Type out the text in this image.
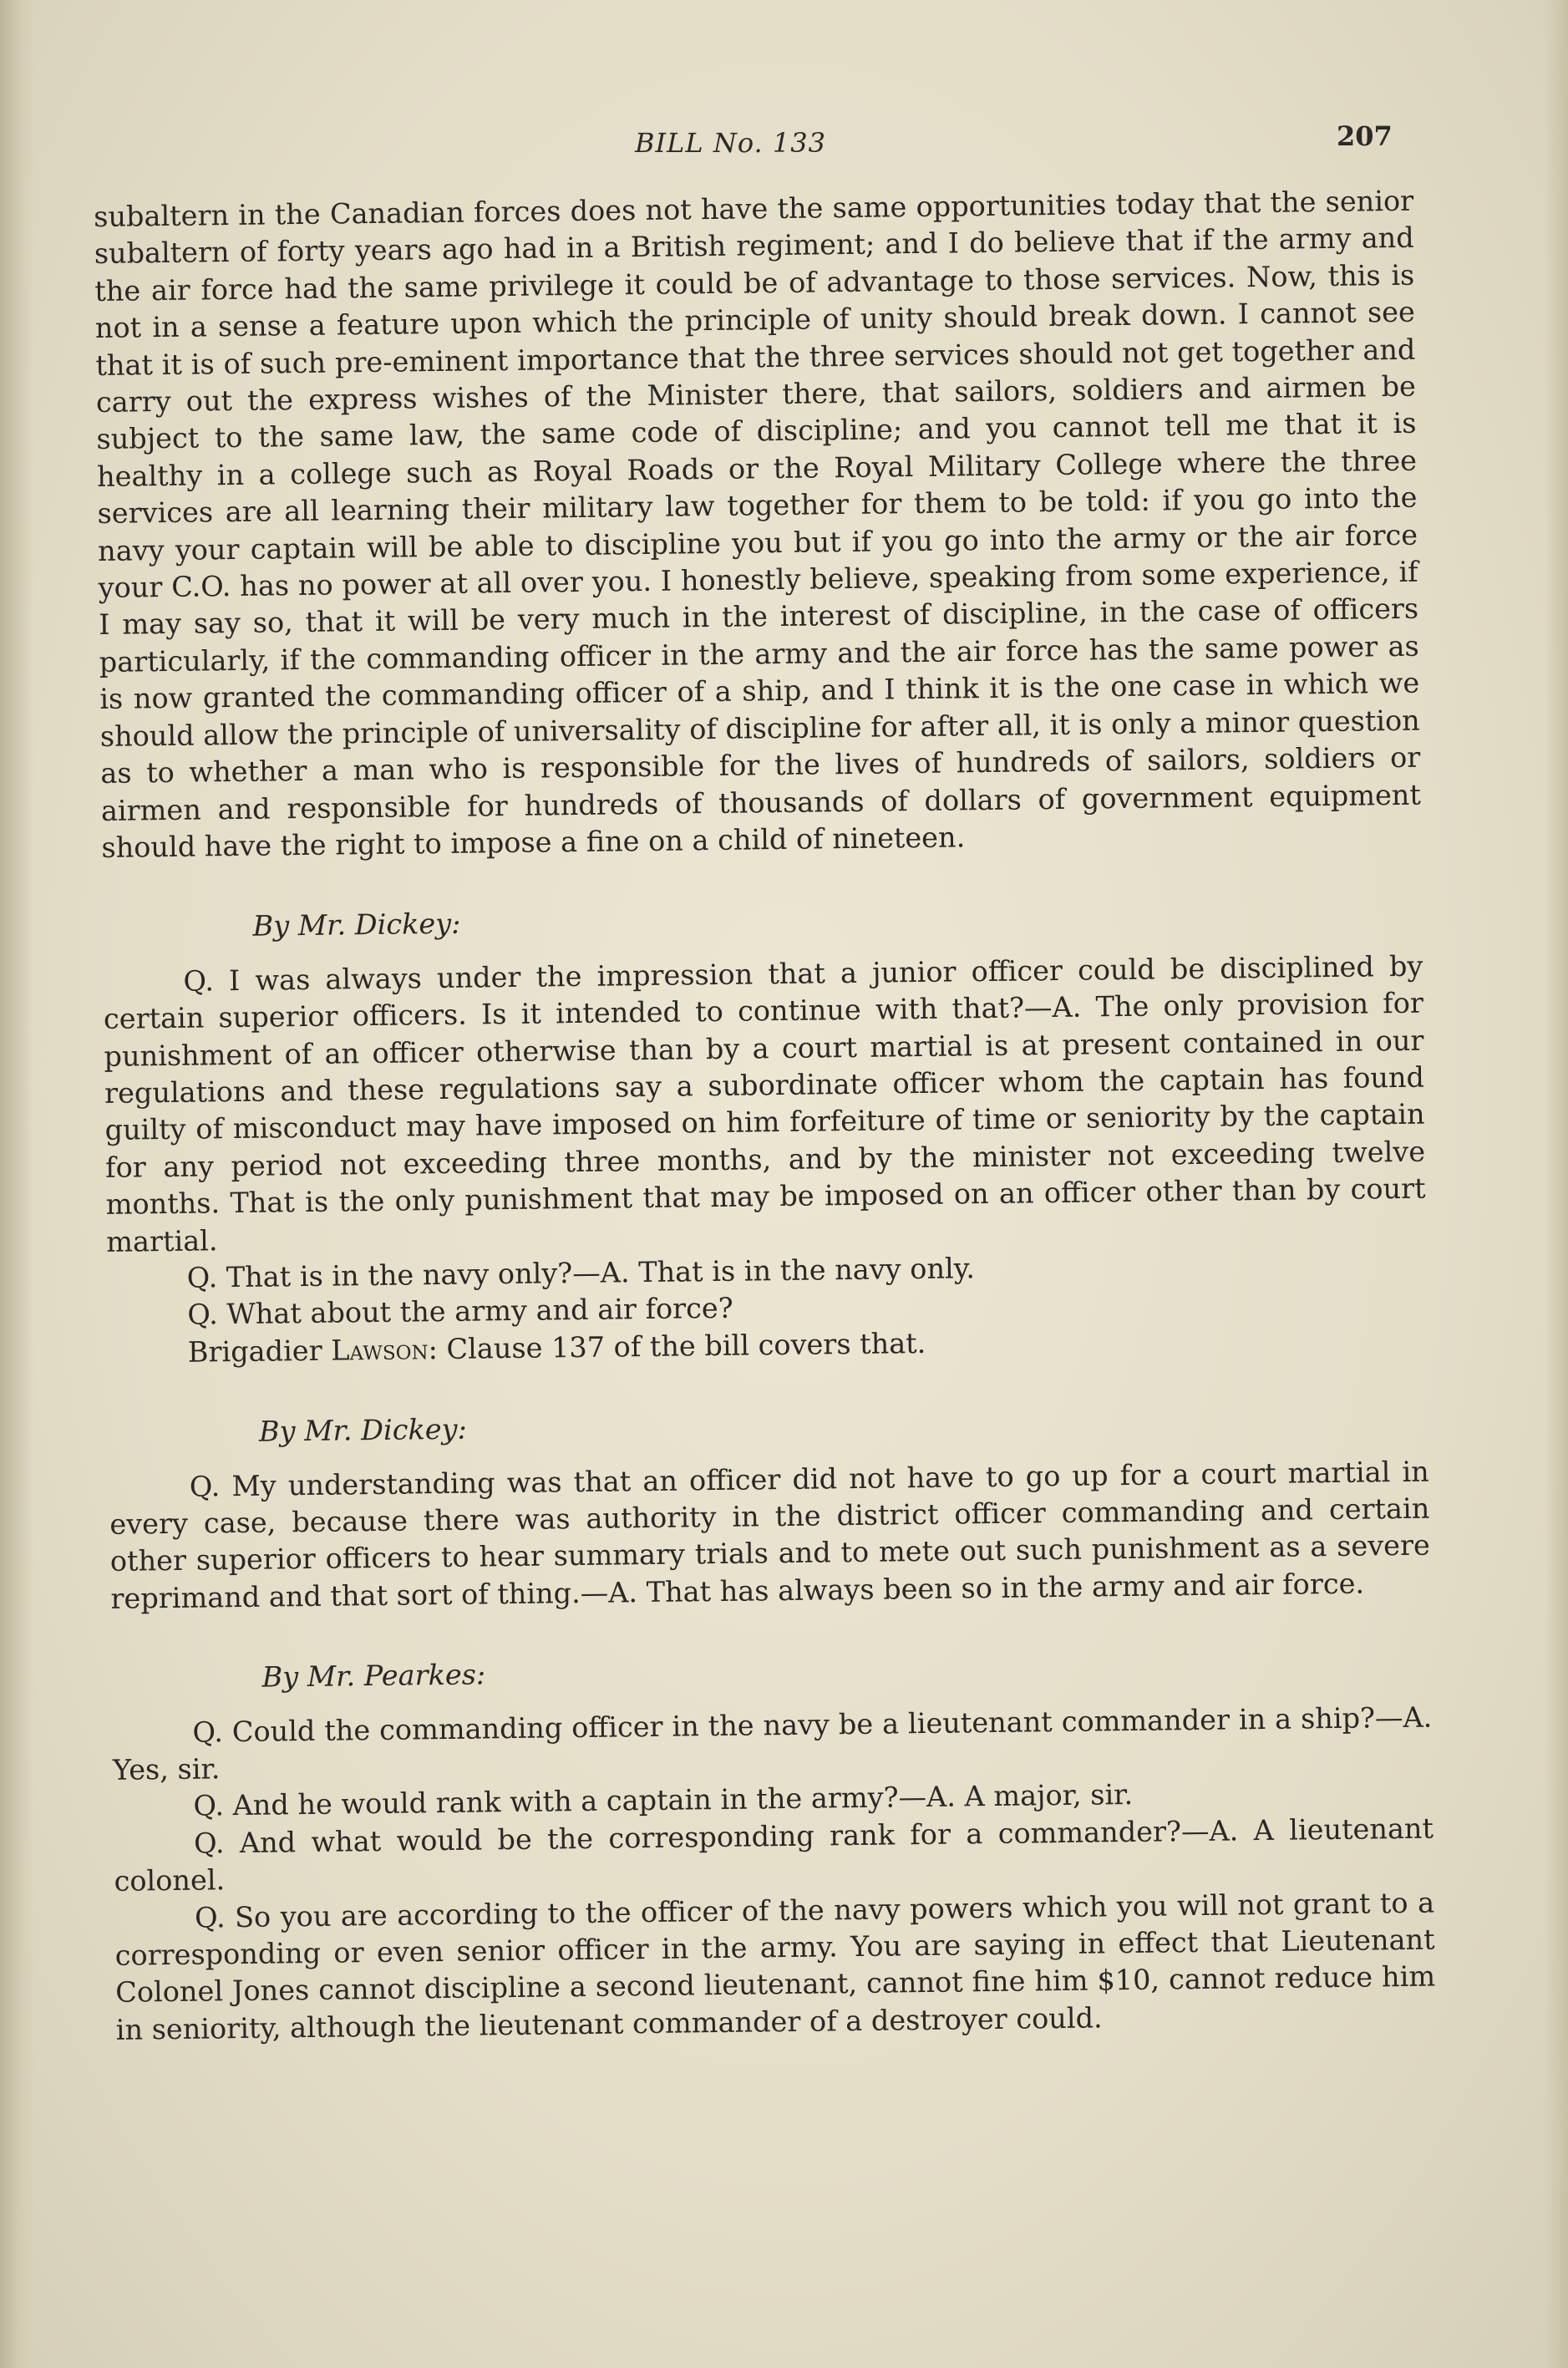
BILL No. 133	207

subaltern in the Canadian forces does not have the same opportunities today that the senior subaltern of forty years ago had in a British regiment; and I do believe that if the army and the air force had the same privilege it could be of advantage to those services. Now, this is not in a sense a feature upon which the principle of unity should break down. I cannot see that it is of such pre-eminent importance that the three services should not get together and carry out the express wishes of the Minister there, that sailors, soldiers and airmen be subject to the same law, the same code of discipline; and you cannot tell me that it is healthy in a college such as Royal Roads or the Royal Military College where the three services are all learning their military law together for them to be told: if you go into the navy your captain will be able to discipline you but if you go into the army or the air force your C.O. has no power at all over you. I honestly believe, speaking from some experience, if I may say so, that it will be very much in the interest of discipline, in the case of officers particularly, if the commanding officer in the army and the air force has the same power as is now granted the commanding officer of a ship, and I think it is the one case in which we should allow the principle of universality of discipline for after all, it is only a minor question as to whether a man who is responsible for the lives of hundreds of sailors, soldiers or airmen and responsible for hundreds of thousands of dollars of government equipment should have the right to impose a fine on a child of nineteen.

By Mr. Dickey:

Q. I was always under the impression that a junior officer could be disciplined by certain superior officers. Is it intended to continue with that?—A. The only provision for punishment of an officer otherwise than by a court martial is at present contained in our regulations and these regulations say a subordinate officer whom the captain has found guilty of misconduct may have imposed on him forfeiture of time or seniority by the captain for any period not exceeding three months, and by the minister not exceeding twelve months. That is the only punishment that may be imposed on an officer other than by court martial.

Q. That is in the navy only?—A. That is in the navy only.

Q. What about the army and air force?

Brigadier Lawson: Clause 137 of the bill covers that.

By Mr. Dickey:

Q. My understanding was that an officer did not have to go up for a court martial in every case, because there was authority in the district officer commanding and certain other superior officers to hear summary trials and to mete out such punishment as a severe reprimand and that sort of thing.—A. That has always been so in the army and air force.

By Mr. Pearkes:

Q. Could the commanding officer in the navy be a lieutenant commander in a ship?—A. Yes, sir.

Q. And he would rank with a captain in the army?—A. A major, sir.

Q. And what would be the corresponding rank for a commander?—A. A lieutenant colonel.

Q. So you are according to the officer of the navy powers which you will not grant to a corresponding or even senior officer in the army. You are saying in effect that Lieutenant Colonel Jones cannot discipline a second lieutenant, cannot fine him $10, cannot reduce him in seniority, although the lieutenant commander of a destroyer could.
